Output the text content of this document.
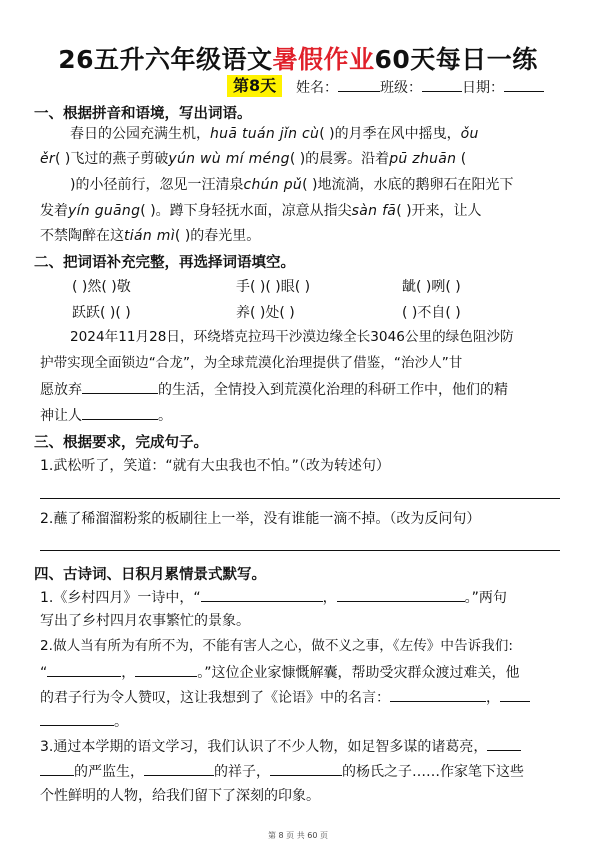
26五升六年级语文暑假作业60天每日一练
第8天	姓名：	班级：	日期：
一、根据拼音和语境，写出词语。
春日的公园充满生机，huā tuán jǐn cù( )的月季在风中摇曳，ǒu
ěr( )飞过的燕子剪破yún wù mí méng( )的晨雾。沿着pū zhuān (
)的小径前行，忽见一汪清泉chún pǔ( )地流淌，水底的鹅卵石在阳光下
发着yín guāng( )。蹲下身轻抚水面，凉意从指尖sàn fā( )开来，让人
不禁陶醉在这tián mì( )的春光里。
二、把词语补充完整，再选择词语填空。
( )然( )敬	手( )( )眼( )	龇( )咧( )
跃跃( )( )	养( )处( )	( )不自( )
2024年11月28日，环绕塔克拉玛干沙漠边缘全长3046公里的绿色阻沙防
护带实现全面锁边“合龙”，为全球荒漠化治理提供了借鉴，“治沙人”甘
愿放弃	的生活，全情投入到荒漠化治理的科研工作中，他们的精
神让人	。
三、根据要求，完成句子。
1.武松听了，笑道：“就有大虫我也不怕。”（改为转述句）
2.蘸了稀溜溜粉浆的板刷往上一举，没有谁能一滴不掉。（改为反问句）
四、古诗词、日积月累情景式默写。
1.《乡村四月》一诗中，“	，	。”两句
写出了乡村四月农事繁忙的景象。
2.做人当有所为有所不为，不能有害人之心，做不义之事，《左传》中告诉我们:
“	，	。”这位企业家慷慨解囊，帮助受灾群众渡过难关，他
的君子行为令人赞叹，这让我想到了《论语》中的名言：	，
。
3.通过本学期的语文学习，我们认识了不少人物，如足智多谋的诸葛亮，
的严监生，	的祥子，	的杨氏之子……作家笔下这些
个性鲜明的人物，给我们留下了深刻的印象。
第 8 页 共 60 页
